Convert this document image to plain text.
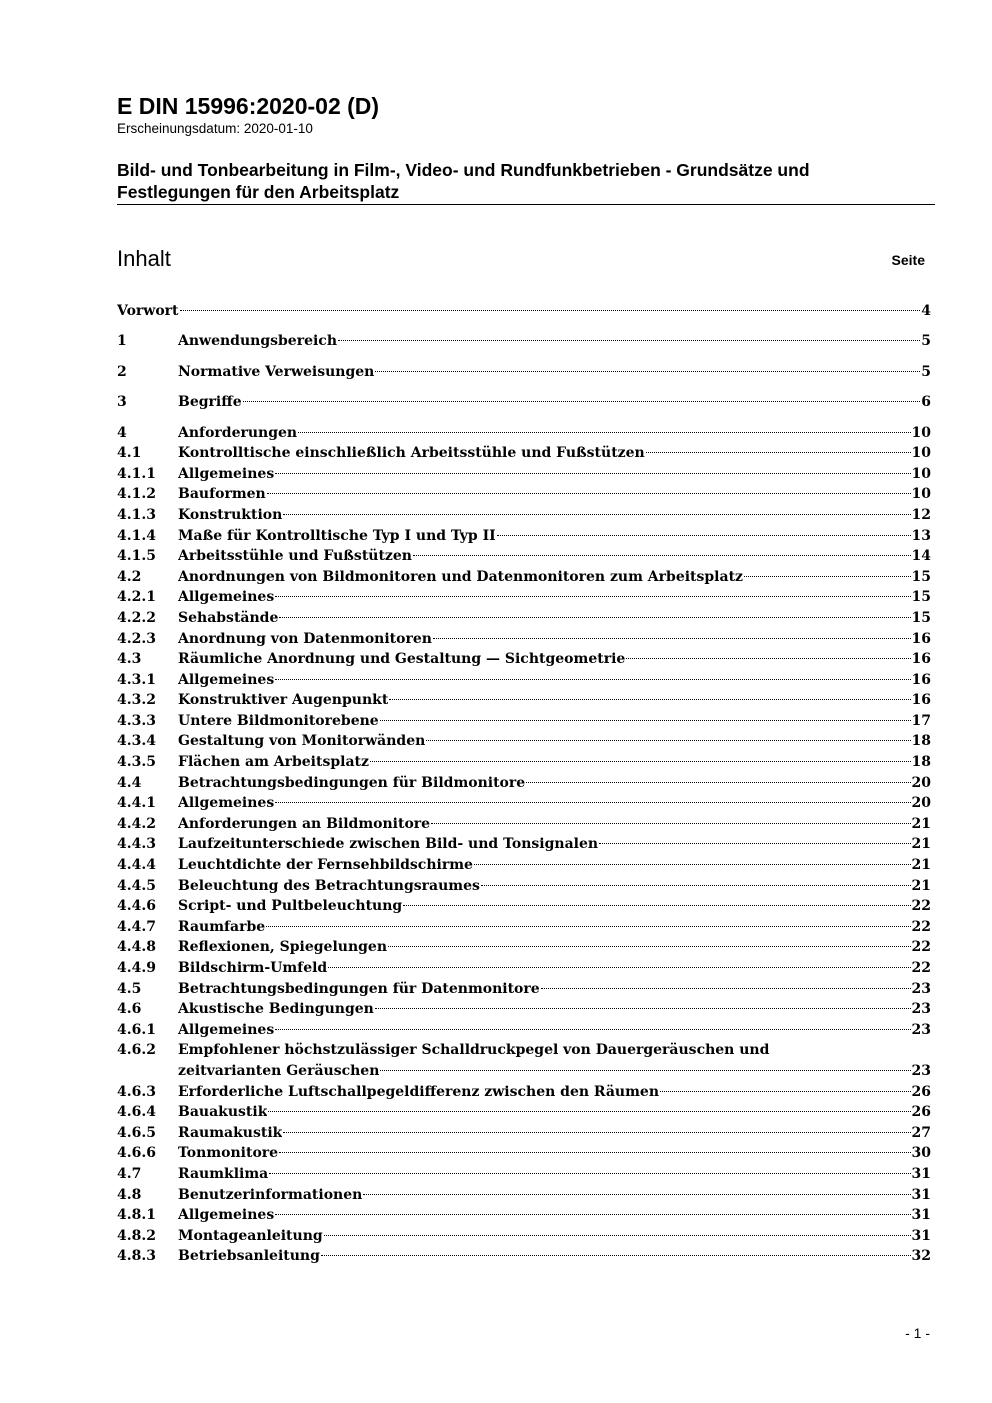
E DIN 15996:2020-02 (D)
Erscheinungsdatum: 2020-01-10
Bild- und Tonbearbeitung in Film-, Video- und Rundfunkbetrieben - Grundsätze und
Festlegungen für den Arbeitsplatz
Inhalt	Seite
Vorwort	4
1	Anwendungsbereich	5
2	Normative Verweisungen	5
3	Begriffe	6
4	Anforderungen	10
4.1	Kontrolltische einschließlich Arbeitsstühle und Fußstützen	10
4.1.1 Allgemeines	10
4.1.2 Bauformen	10
4.1.3 Konstruktion	12
4.1.4 Maße für Kontrolltische Typ I und Typ II	13
4.1.5 Arbeitsstühle und Fußstützen	14
4.2	Anordnungen von Bildmonitoren und Datenmonitoren zum Arbeitsplatz	15
4.2.1 Allgemeines	15
4.2.2 Sehabstände	15
4.2.3 Anordnung von Datenmonitoren	16
4.3	Räumliche Anordnung und Gestaltung — Sichtgeometrie	16
4.3.1 Allgemeines	16
4.3.2 Konstruktiver Augenpunkt	16
4.3.3 Untere Bildmonitorebene	17
4.3.4 Gestaltung von Monitorwänden	18
4.3.5 Flächen am Arbeitsplatz	18
4.4	Betrachtungsbedingungen für Bildmonitore	20
4.4.1 Allgemeines	20
4.4.2 Anforderungen an Bildmonitore	21
4.4.3 Laufzeitunterschiede zwischen Bild- und Tonsignalen	21
4.4.4 Leuchtdichte der Fernsehbildschirme	21
4.4.5 Beleuchtung des Betrachtungsraumes	21
4.4.6 Script- und Pultbeleuchtung	22
4.4.7 Raumfarbe	22
4.4.8 Reflexionen, Spiegelungen	22
4.4.9 Bildschirm-Umfeld	22
4.5	Betrachtungsbedingungen für Datenmonitore	23
4.6	Akustische Bedingungen	23
4.6.1 Allgemeines	23
4.6.2 Empfohlener höchstzulässiger Schalldruckpegel von Dauergeräuschen und
zeitvarianten Geräuschen	23
4.6.3 Erforderliche Luftschallpegeldifferenz zwischen den Räumen	26
4.6.4 Bauakustik	26
4.6.5 Raumakustik	27
4.6.6 Tonmonitore	30
4.7	Raumklima	31
4.8	Benutzerinformationen	31
4.8.1 Allgemeines	31
4.8.2 Montageanleitung	31
4.8.3 Betriebsanleitung	32
- 1 -
